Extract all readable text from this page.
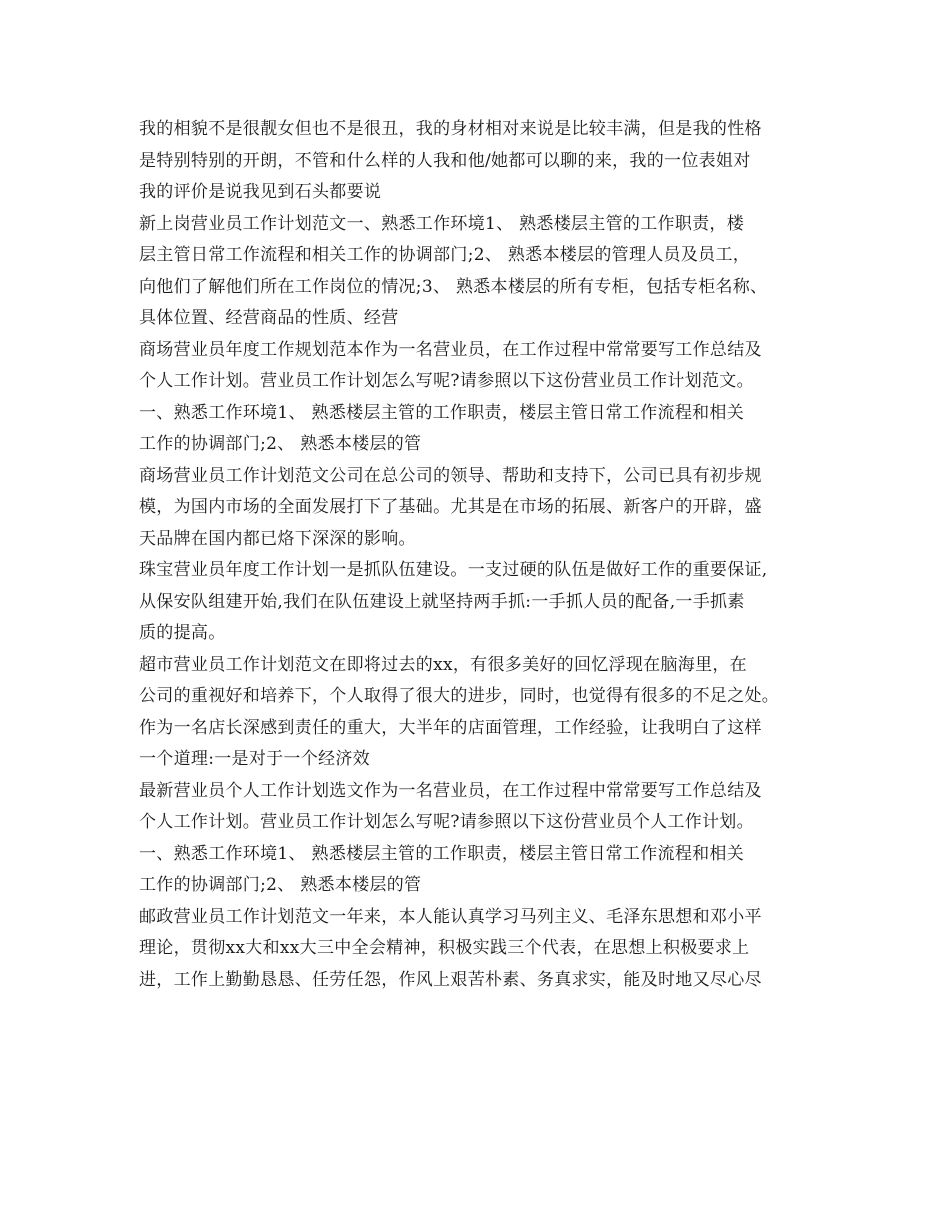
我的相貌不是很靓女但也不是很丑，我的身材相对来说是比较丰满，但是我的性格
是特别特别的开朗，不管和什么样的人我和他/她都可以聊的来，我的一位表姐对
我的评价是说我见到石头都要说
新上岗营业员工作计划范文一、熟悉工作环境1、 熟悉楼层主管的工作职责，楼
层主管日常工作流程和相关工作的协调部门;2、 熟悉本楼层的管理人员及员工，
向他们了解他们所在工作岗位的情况;3、 熟悉本楼层的所有专柜，包括专柜名称、
具体位置、经营商品的性质、经营
商场营业员年度工作规划范本作为一名营业员，在工作过程中常常要写工作总结及
个人工作计划。营业员工作计划怎么写呢?请参照以下这份营业员工作计划范文。
一、熟悉工作环境1、 熟悉楼层主管的工作职责，楼层主管日常工作流程和相关
工作的协调部门;2、 熟悉本楼层的管
商场营业员工作计划范文公司在总公司的领导、帮助和支持下，公司已具有初步规
模，为国内市场的全面发展打下了基础。尤其是在市场的拓展、新客户的开辟，盛
天品牌在国内都已烙下深深的影响。
珠宝营业员年度工作计划一是抓队伍建设。一支过硬的队伍是做好工作的重要保证,
从保安队组建开始,我们在队伍建设上就坚持两手抓:一手抓人员的配备,一手抓素
质的提高。
超市营业员工作计划范文在即将过去的xx，有很多美好的回忆浮现在脑海里，在
公司的重视好和培养下，个人取得了很大的进步，同时，也觉得有很多的不足之处。
作为一名店长深感到责任的重大，大半年的店面管理，工作经验，让我明白了这样
一个道理:一是对于一个经济效
最新营业员个人工作计划选文作为一名营业员，在工作过程中常常要写工作总结及
个人工作计划。营业员工作计划怎么写呢?请参照以下这份营业员个人工作计划。
一、熟悉工作环境1、 熟悉楼层主管的工作职责，楼层主管日常工作流程和相关
工作的协调部门;2、 熟悉本楼层的管
邮政营业员工作计划范文一年来，本人能认真学习马列主义、毛泽东思想和邓小平
理论，贯彻xx大和xx大三中全会精神，积极实践三个代表，在思想上积极要求上
进，工作上勤勤恳恳、任劳任怨，作风上艰苦朴素、务真求实，能及时地又尽心尽
